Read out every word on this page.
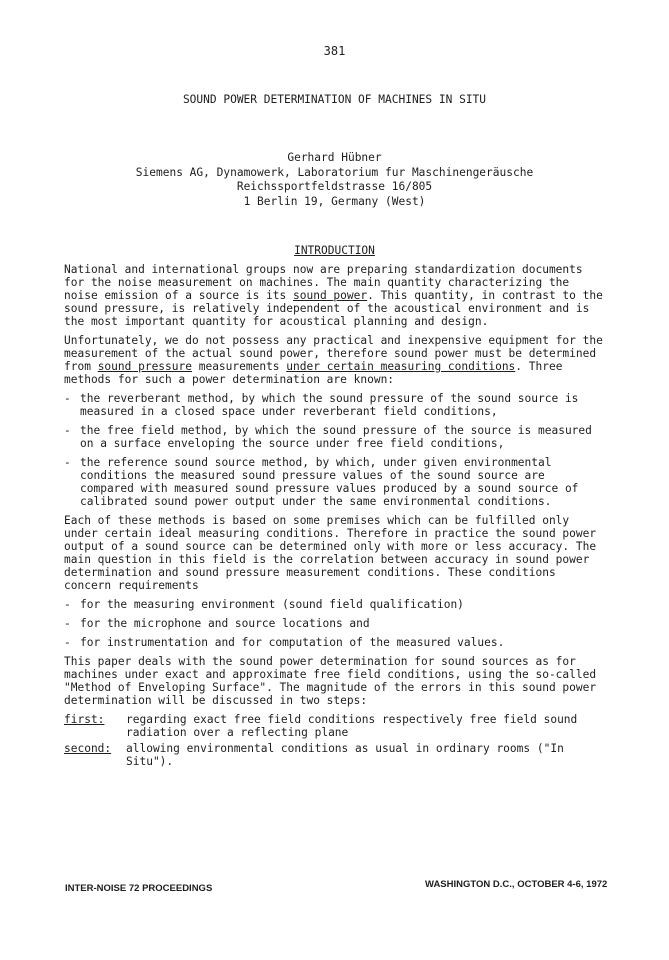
381
SOUND POWER DETERMINATION OF MACHINES IN SITU
Gerhard Hübner
Siemens AG, Dynamowerk, Laboratorium fur Maschinengeräusche
Reichssportfeldstrasse 16/805
1 Berlin 19, Germany (West)
INTRODUCTION

National and international groups now are preparing standardization documents for the noise measurement on machines. The main quantity characterizing the noise emission of a source is its sound power. This quantity, in contrast to the sound pressure, is relatively independent of the acoustical environment and is the most important quantity for acoustical planning and design.

Unfortunately, we do not possess any practical and inexpensive equipment for the measurement of the actual sound power, therefore sound power must be determined from sound pressure measurements under certain measuring conditions. Three methods for such a power determination are known:

- the reverberant method, by which the sound pressure of the sound source is measured in a closed space under reverberant field conditions,
- the free field method, by which the sound pressure of the source is measured on a surface enveloping the source under free field conditions,
- the reference sound source method, by which, under given environmental conditions the measured sound pressure values of the sound source are compared with measured sound pressure values produced by a sound source of calibrated sound power output under the same environmental conditions.

Each of these methods is based on some premises which can be fulfilled only under certain ideal measuring conditions. Therefore in practice the sound power output of a sound source can be determined only with more or less accuracy. The main question in this field is the correlation between accuracy in sound power determination and sound pressure measurement conditions. These conditions concern requirements

- for the measuring environment (sound field qualification)
- for the microphone and source locations and
- for instrumentation and for computation of the measured values.

This paper deals with the sound power determination for sound sources as for machines under exact and approximate free field conditions, using the so-called "Method of Enveloping Surface". The magnitude of the errors in this sound power determination will be discussed in two steps:

first:	regarding exact free field conditions respectively free field sound radiation over a reflecting plane
second:	allowing environmental conditions as usual in ordinary rooms ("In Situ").
INTER-NOISE 72 PROCEEDINGS	WASHINGTON D.C., OCTOBER 4-6, 1972
